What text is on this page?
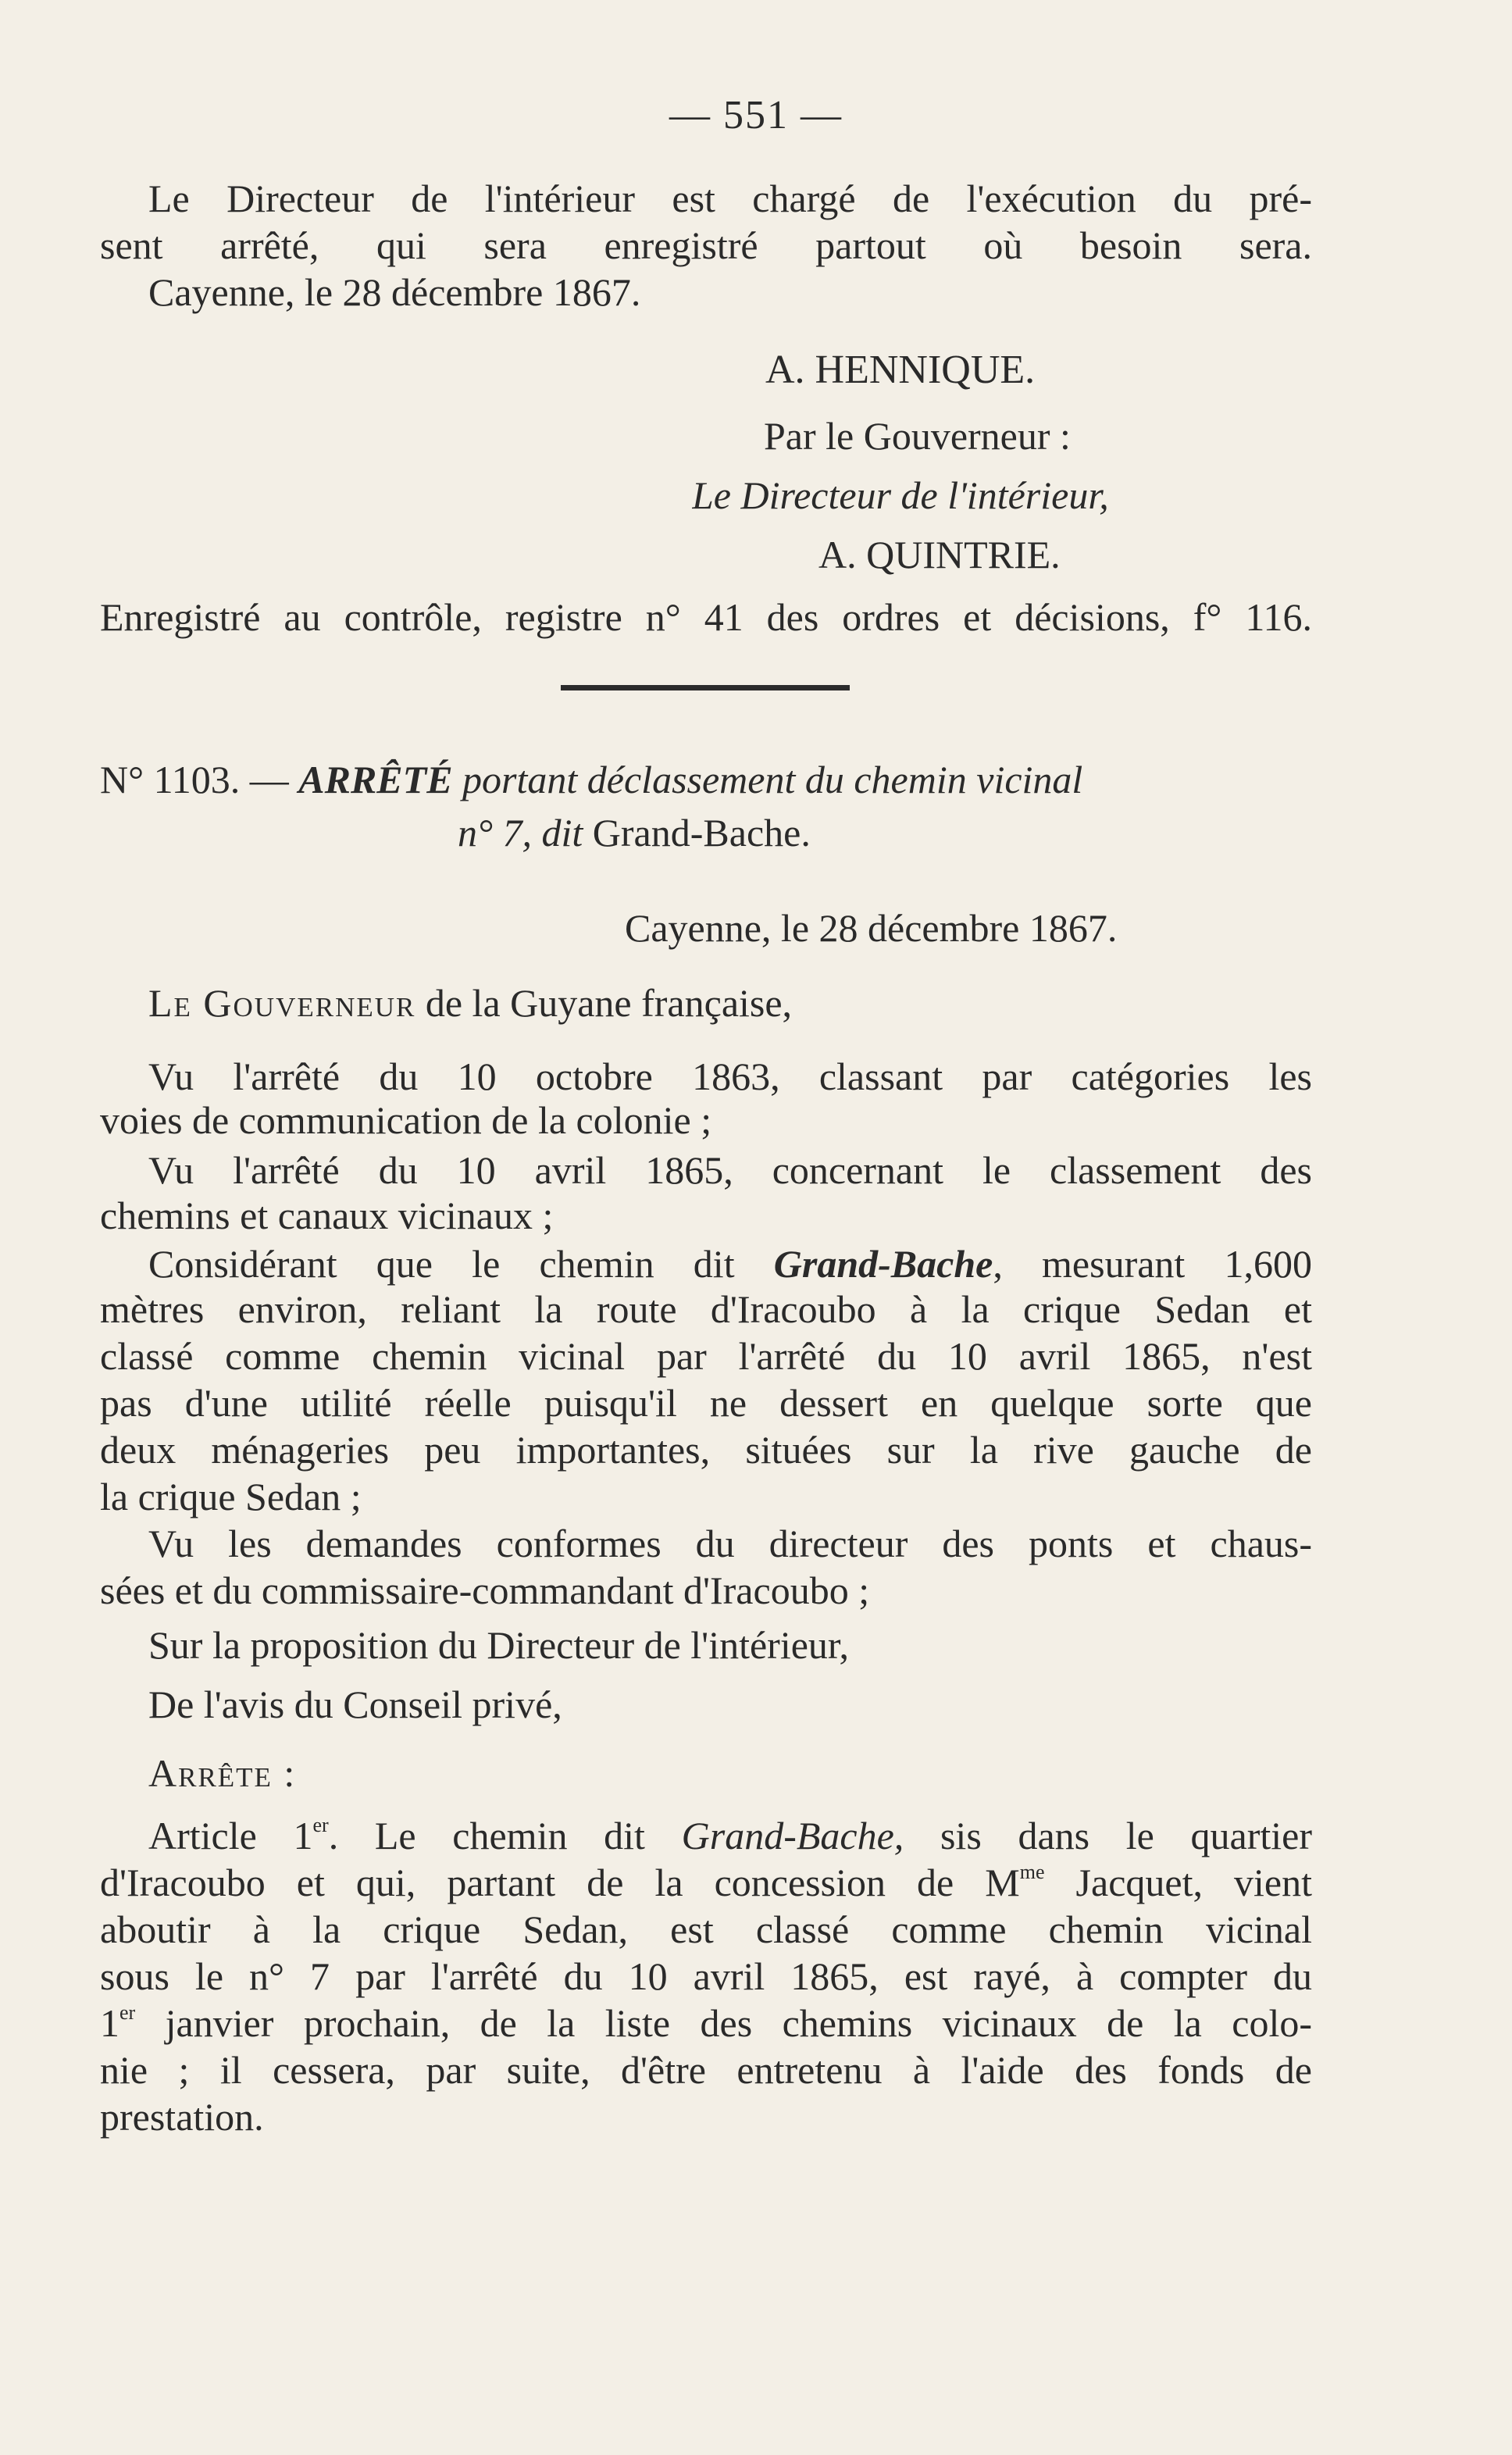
— 551 —
Le Directeur de l'intérieur est chargé de l'exécution du pré-
sent arrêté, qui sera enregistré partout où besoin sera.
Cayenne, le 28 décembre 1867.
A. HENNIQUE.
Par le Gouverneur :
Le Directeur de l'intérieur,
A. QUINTRIE.
Enregistré au contrôle, registre n° 41 des ordres et décisions, f° 116.
N° 1103. — ARRÊTÉ portant déclassement du chemin vicinal
n° 7, dit Grand-Bache.
Cayenne, le 28 décembre 1867.
Le Gouverneur de la Guyane française,
Vu l'arrêté du 10 octobre 1863, classant par catégories les
voies de communication de la colonie ;
Vu l'arrêté du 10 avril 1865, concernant le classement des
chemins et canaux vicinaux ;
Considérant que le chemin dit Grand-Bache, mesurant 1,600
mètres environ, reliant la route d'Iracoubo à la crique Sedan et
classé comme chemin vicinal par l'arrêté du 10 avril 1865, n'est
pas d'une utilité réelle puisqu'il ne dessert en quelque sorte que
deux ménageries peu importantes, situées sur la rive gauche de
la crique Sedan ;
Vu les demandes conformes du directeur des ponts et chaus-
sées et du commissaire-commandant d'Iracoubo ;
Sur la proposition du Directeur de l'intérieur,
De l'avis du Conseil privé,
Arrête :
Article 1er. Le chemin dit Grand-Bache, sis dans le quartier
d'Iracoubo et qui, partant de la concession de $M^{me}$ Jacquet, vient
aboutir à la crique Sedan, est classé comme chemin vicinal
sous le n° 7 par l'arrêté du 10 avril 1865, est rayé, à compter du
1er janvier prochain, de la liste des chemins vicinaux de la colo-
nie ; il cessera, par suite, d'être entretenu à l'aide des fonds de
prestation.
